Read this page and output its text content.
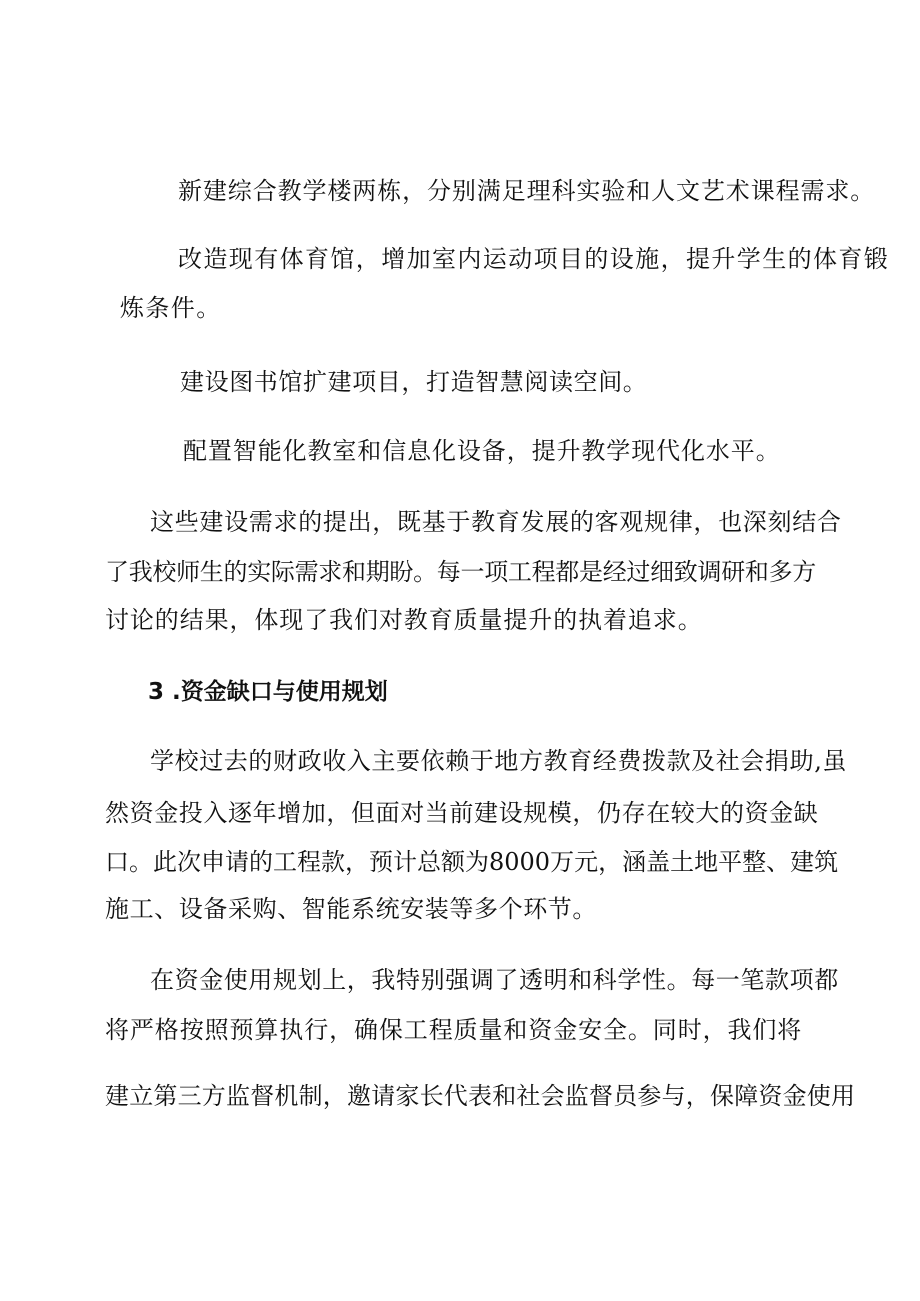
新建综合教学楼两栋，分别满足理科实验和人文艺术课程需求。

改造现有体育馆，增加室内运动项目的设施，提升学生的体育锻

炼条件。

建设图书馆扩建项目，打造智慧阅读空间。

配置智能化教室和信息化设备，提升教学现代化水平。

这些建设需求的提出，既基于教育发展的客观规律，也深刻结合

了我校师生的实际需求和期盼。每一项工程都是经过细致调研和多方

讨论的结果，体现了我们对教育质量提升的执着追求。

3 .资金缺口与使用规划

学校过去的财政收入主要依赖于地方教育经费拨款及社会捐助,虽

然资金投入逐年增加，但面对当前建设规模，仍存在较大的资金缺

口。此次申请的工程款，预计总额为8000万元，涵盖土地平整、建筑

施工、设备采购、智能系统安装等多个环节。

在资金使用规划上，我特别强调了透明和科学性。每一笔款项都

将严格按照预算执行，确保工程质量和资金安全。同时，我们将

建立第三方监督机制，邀请家长代表和社会监督员参与，保障资金使用
